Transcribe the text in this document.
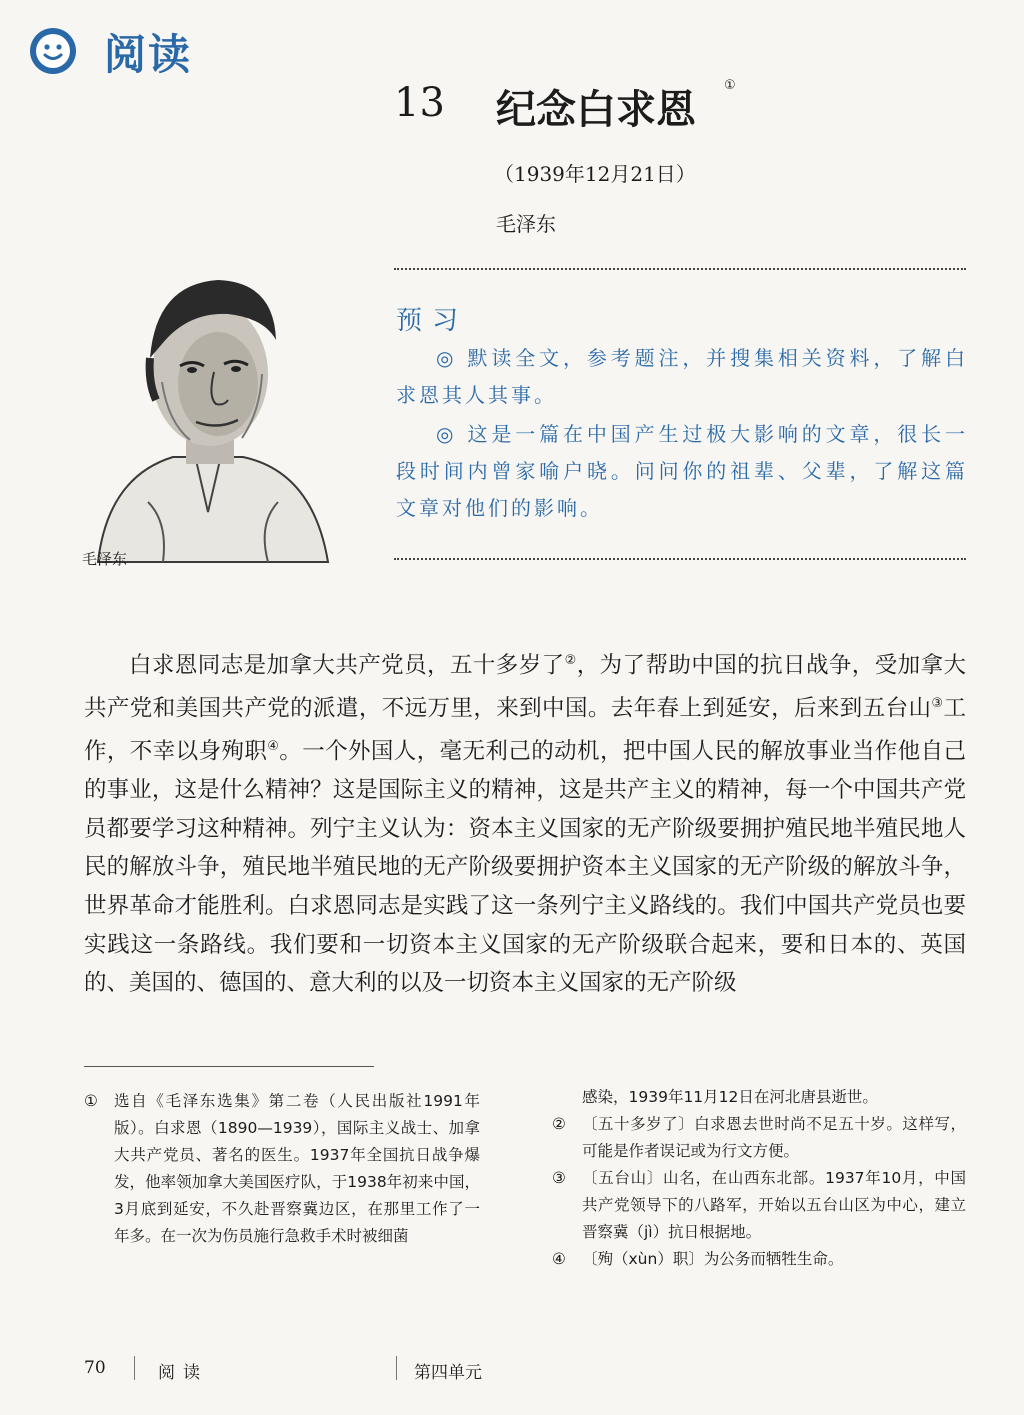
阅读
13 纪念白求恩
①
（1939年12月21日）
毛泽东
毛泽东
预习
◎ 默读全文，参考题注，并搜集相关资料，了解白求恩其人其事。
◎ 这是一篇在中国产生过极大影响的文章，很长一段时间内曾家喻户晓。问问你的祖辈、父辈，了解这篇文章对他们的影响。

白求恩同志是加拿大共产党员，五十多岁了②，为了帮助中国的抗日战争，受加拿大共产党和美国共产党的派遣，不远万里，来到中国。去年春上到延安，后来到五台山③工作，不幸以身殉职④。一个外国人，毫无利己的动机，把中国人民的解放事业当作他自己的事业，这是什么精神？这是国际主义的精神，这是共产主义的精神，每一个中国共产党员都要学习这种精神。列宁主义认为：资本主义国家的无产阶级要拥护殖民地半殖民地人民的解放斗争，殖民地半殖民地的无产阶级要拥护资本主义国家的无产阶级的解放斗争，世界革命才能胜利。白求恩同志是实践了这一条列宁主义路线的。我们中国共产党员也要实践这一条路线。我们要和一切资本主义国家的无产阶级联合起来，要和日本的、英国的、美国的、德国的、意大利的以及一切资本主义国家的无产阶级

① 选自《毛泽东选集》第二卷（人民出版社1991年版）。白求恩（1890—1939），国际主义战士、加拿大共产党员、著名的医生。1937年全国抗日战争爆发，他率领加拿大美国医疗队，于1938年初来中国，3月底到延安，不久赴晋察冀边区，在那里工作了一年多。在一次为伤员施行急救手术时被细菌

感染，1939年11月12日在河北唐县逝世。

② 〔五十多岁了〕白求恩去世时尚不足五十岁。这样写，可能是作者误记或为行文方便。

③ 〔五台山〕山名，在山西东北部。1937年10月，中国共产党领导下的八路军，开始以五台山区为中心，建立晋察冀（jì）抗日根据地。

④ 〔殉（xùn）职〕为公务而牺牲生命。

70	阅读	第四单元
